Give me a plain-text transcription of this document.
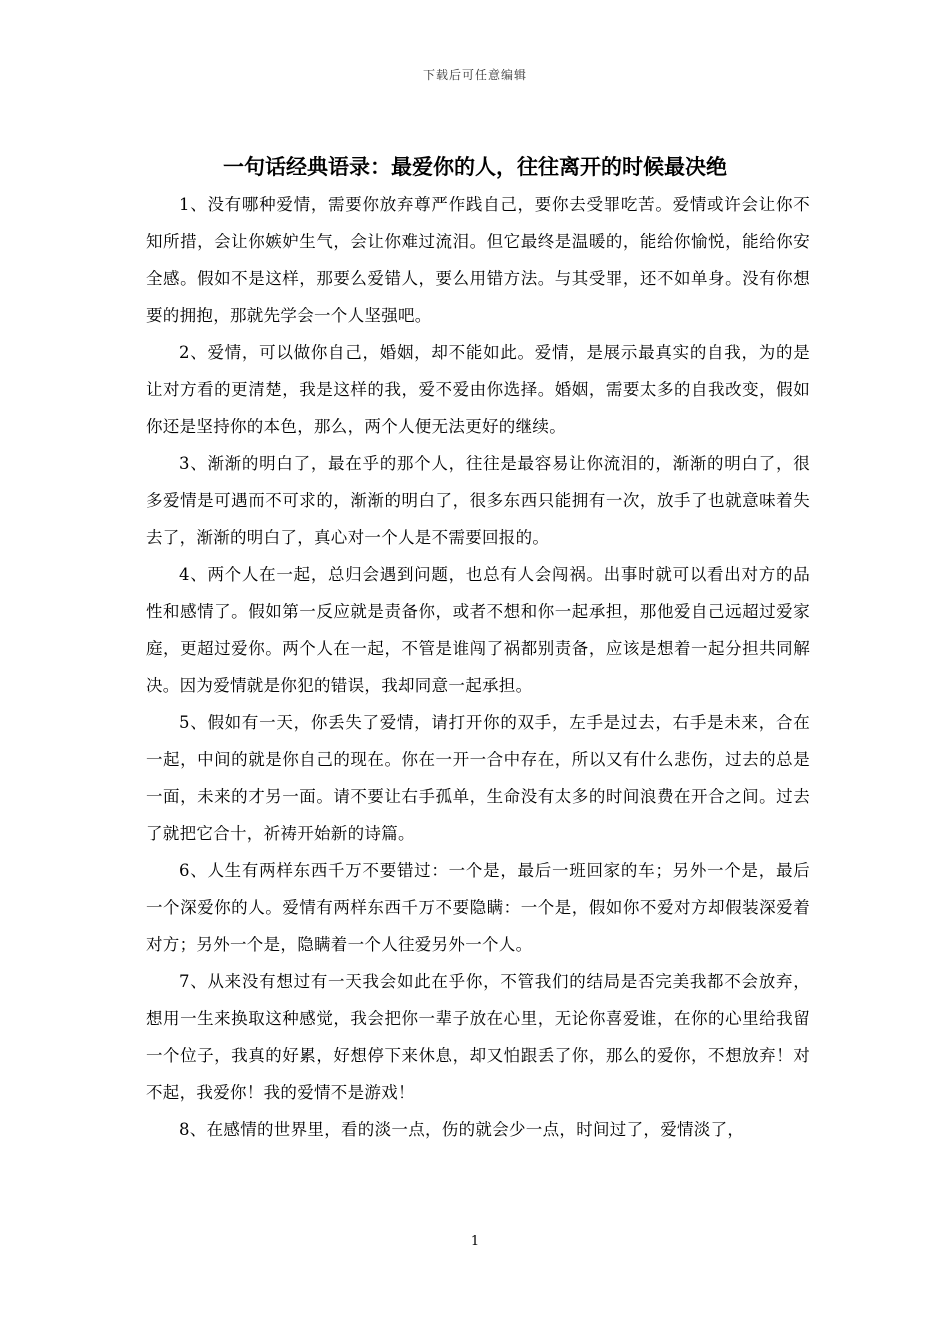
下载后可任意编辑
一句话经典语录：最爱你的人，往往离开的时候最决绝

1、没有哪种爱情，需要你放弃尊严作践自己，要你去受罪吃苦。爱情或许会让你不知所措，会让你嫉妒生气，会让你难过流泪。但它最终是温暖的，能给你愉悦，能给你安全感。假如不是这样，那要么爱错人，要么用错方法。与其受罪，还不如单身。没有你想要的拥抱，那就先学会一个人坚强吧。

2、爱情，可以做你自己，婚姻，却不能如此。爱情，是展示最真实的自我，为的是让对方看的更清楚，我是这样的我，爱不爱由你选择。婚姻，需要太多的自我改变，假如你还是坚持你的本色，那么，两个人便无法更好的继续。

3、渐渐的明白了，最在乎的那个人，往往是最容易让你流泪的，渐渐的明白了，很多爱情是可遇而不可求的，渐渐的明白了，很多东西只能拥有一次，放手了也就意味着失去了，渐渐的明白了，真心对一个人是不需要回报的。

4、两个人在一起，总归会遇到问题，也总有人会闯祸。出事时就可以看出对方的品性和感情了。假如第一反应就是责备你，或者不想和你一起承担，那他爱自己远超过爱家庭，更超过爱你。两个人在一起，不管是谁闯了祸都别责备，应该是想着一起分担共同解决。因为爱情就是你犯的错误，我却同意一起承担。

5、假如有一天，你丢失了爱情，请打开你的双手，左手是过去，右手是未来，合在一起，中间的就是你自己的现在。你在一开一合中存在，所以又有什么悲伤，过去的总是一面，未来的才另一面。请不要让右手孤单，生命没有太多的时间浪费在开合之间。过去了就把它合十，祈祷开始新的诗篇。

6、人生有两样东西千万不要错过：一个是，最后一班回家的车；另外一个是，最后一个深爱你的人。爱情有两样东西千万不要隐瞒：一个是，假如你不爱对方却假装深爱着对方；另外一个是，隐瞒着一个人往爱另外一个人。

7、从来没有想过有一天我会如此在乎你，不管我们的结局是否完美我都不会放弃，想用一生来换取这种感觉，我会把你一辈子放在心里，无论你喜爱谁，在你的心里给我留一个位子，我真的好累，好想停下来休息，却又怕跟丢了你，那么的爱你，不想放弃！对不起，我爱你！我的爱情不是游戏！

8、在感情的世界里，看的淡一点，伤的就会少一点，时间过了，爱情淡了，

1
